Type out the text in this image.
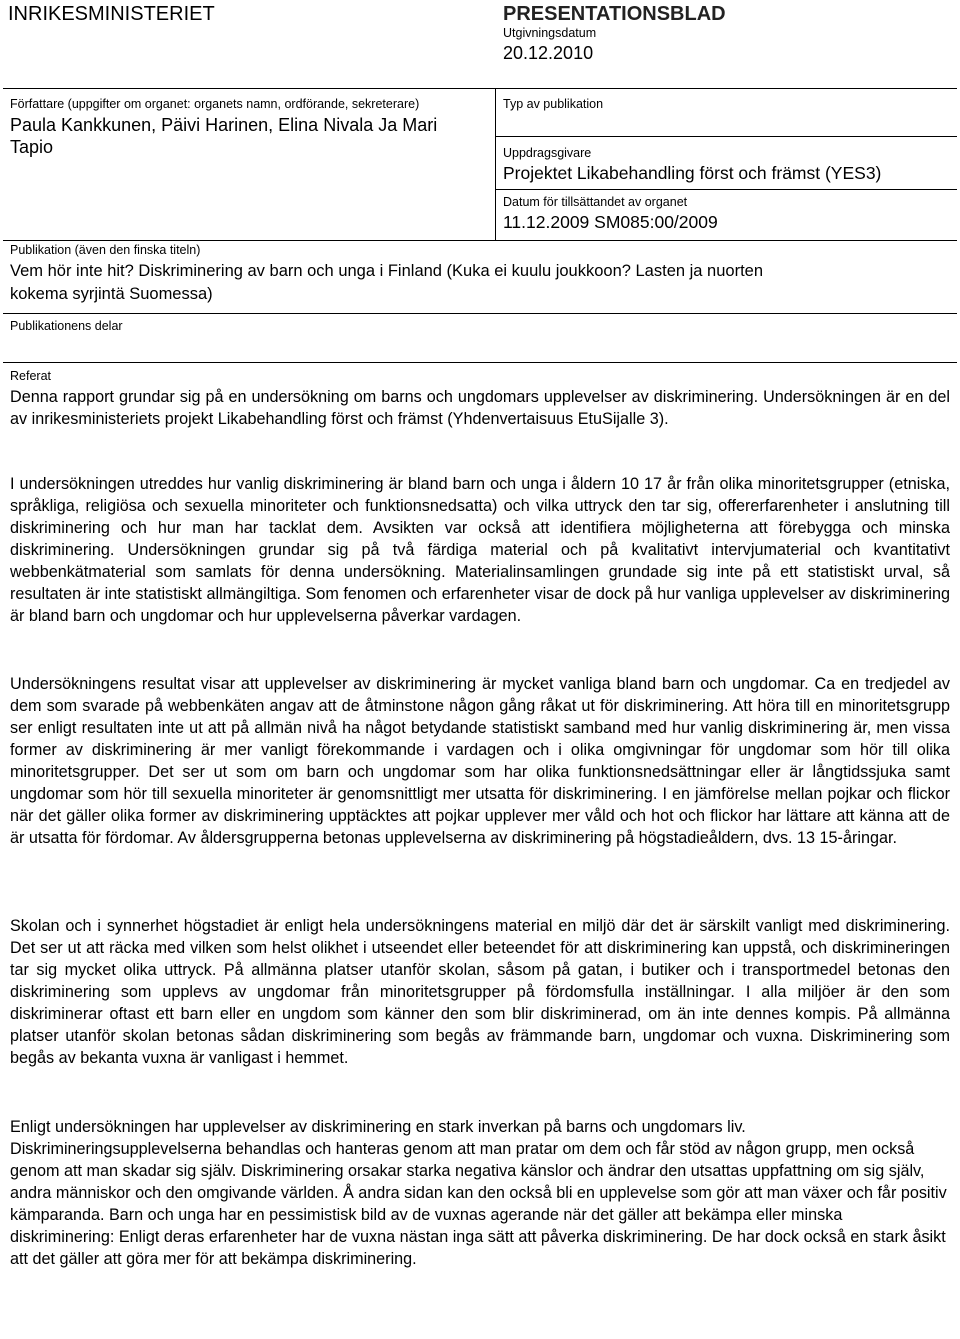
INRIKESMINISTERIET	PRESENTATIONSBLAD
Utgivningsdatum
20.12.2010
Författare (uppgifter om organet: organets namn, ordförande, sekreterare)
Paula Kankkunen, Päivi Harinen, Elina Nivala Ja Mari
Tapio
Typ av publikation
Uppdragsgivare
Projektet Likabehandling först och främst (YES3)
Datum för tillsättandet av organet
11.12.2009 SM085:00/2009
Publikation (även den finska titeln)
Vem hör inte hit? Diskriminering av barn och unga i Finland (Kuka ei kuulu joukkoon? Lasten ja nuorten
kokema syrjintä Suomessa)
Publikationens delar
Referat

Denna rapport grundar sig på en undersökning om barns och ungdomars upplevelser av diskriminering. Undersökningen är en del av inrikesministeriets projekt Likabehandling först och främst (Yhdenvertaisuus EtuSijalle 3).

I undersökningen utreddes hur vanlig diskriminering är bland barn och unga i åldern 10 17 år från olika minoritetsgrupper (etniska, språkliga, religiösa och sexuella minoriteter och funktionsnedsatta) och vilka uttryck den tar sig, offererfarenheter i anslutning till diskriminering och hur man har tacklat dem. Avsikten var också att identifiera möjligheterna att förebygga och minska diskriminering. Undersökningen grundar sig på två färdiga material och på kvalitativt intervjumaterial och kvantitativt webbenkätmaterial som samlats för denna undersökning. Materialinsamlingen grundade sig inte på ett statistiskt urval, så resultaten är inte statistiskt allmängiltiga. Som fenomen och erfarenheter visar de dock på hur vanliga upplevelser av diskriminering är bland barn och ungdomar och hur upplevelserna påverkar vardagen.

Undersökningens resultat visar att upplevelser av diskriminering är mycket vanliga bland barn och ungdomar. Ca en tredjedel av dem som svarade på webbenkäten angav att de åtminstone någon gång råkat ut för diskriminering. Att höra till en minoritetsgrupp ser enligt resultaten inte ut att på allmän nivå ha något betydande statistiskt samband med hur vanlig diskriminering är, men vissa former av diskriminering är mer vanligt förekommande i vardagen och i olika omgivningar för ungdomar som hör till olika minoritetsgrupper. Det ser ut som om barn och ungdomar som har olika funktionsnedsättningar eller är långtidssjuka samt ungdomar som hör till sexuella minoriteter är genomsnittligt mer utsatta för diskriminering. I en jämförelse mellan pojkar och flickor när det gäller olika former av diskriminering upptäcktes att pojkar upplever mer våld och hot och flickor har lättare att känna att de är utsatta för fördomar. Av åldersgrupperna betonas upplevelserna av diskriminering på högstadieåldern, dvs. 13 15-åringar.

Skolan och i synnerhet högstadiet är enligt hela undersökningens material en miljö där det är särskilt vanligt med diskriminering. Det ser ut att räcka med vilken som helst olikhet i utseendet eller beteendet för att diskriminering kan uppstå, och diskrimineringen tar sig mycket olika uttryck. På allmänna platser utanför skolan, såsom på gatan, i butiker och i transportmedel betonas den diskriminering som upplevs av ungdomar från minoritetsgrupper på fördomsfulla inställningar. I alla miljöer är den som diskriminerar oftast ett barn eller en ungdom som känner den som blir diskriminerad, om än inte dennes kompis. På allmänna platser utanför skolan betonas sådan diskriminering som begås av främmande barn, ungdomar och vuxna. Diskriminering som begås av bekanta vuxna är vanligast i hemmet.

Enligt undersökningen har upplevelser av diskriminering en stark inverkan på barns och ungdomars liv. Diskrimineringsupplevelserna behandlas och hanteras genom att man pratar om dem och får stöd av någon grupp, men också genom att man skadar sig själv. Diskriminering orsakar starka negativa känslor och ändrar den utsattas uppfattning om sig själv, andra människor och den omgivande världen. Å andra sidan kan den också bli en upplevelse som gör att man växer och får positiv kämparanda. Barn och unga har en pessimistisk bild av de vuxnas agerande när det gäller att bekämpa eller minska diskriminering: Enligt deras erfarenheter har de vuxna nästan inga sätt att påverka diskriminering. De har dock också en stark åsikt att det gäller att göra mer för att bekämpa diskriminering.
